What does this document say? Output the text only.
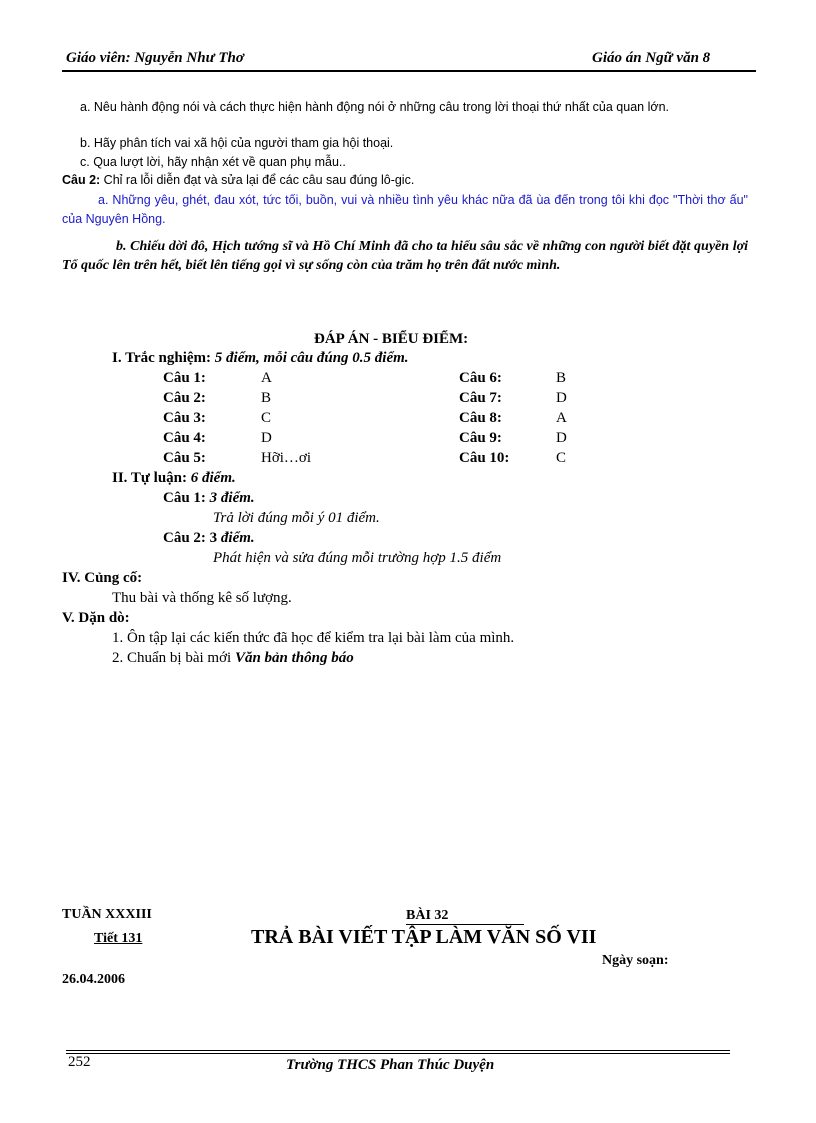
Giáo viên: Nguyễn Như Thơ	Giáo án Ngữ văn 8
a. Nêu hành động nói và cách thực hiện hành động nói ở những câu trong lời thoại thứ nhất của quan lớn.
b. Hãy phân tích vai xã hội của người tham gia hội thoại.
c. Qua lượt lời, hãy nhận xét về quan phụ mẫu..
Câu 2: Chỉ ra lỗi diễn đạt và sửa lại để các câu sau đúng lô-gic.
a. Những yêu, ghét, đau xót, tức tối, buồn, vui và nhiều tình yêu khác nữa đã ùa đến trong tôi khi đọc "Thời thơ ấu" của Nguyên Hồng.
b. Chiếu dời đô, Hịch tướng sĩ và Hồ Chí Minh đã cho ta hiểu sâu sắc về những con người biết đặt quyền lợi Tổ quốc lên trên hết, biết lên tiếng gọi vì sự sống còn của trăm họ trên đất nước mình.
ĐÁP ÁN - BIỂU ĐIỂM:
I. Trắc nghiệm: 5 điểm, mỗi câu đúng 0.5 điểm.
Câu 1:	A
Câu 2:	B
Câu 3:	C
Câu 4:	D
Câu 5:	Hỡi…ơi
Câu 6:	B
Câu 7:	D
Câu 8:	A
Câu 9:	D
Câu 10:	C
II. Tự luận: 6 điểm.
Câu 1: 3 điểm.
Trả lời đúng mỗi ý 01 điểm.
Câu 2: 3 điểm.
Phát hiện và sửa đúng mỗi trường hợp 1.5 điểm
IV. Củng cố:
Thu bài và thống kê số lượng.
V. Dặn dò:
1. Ôn tập lại các kiến thức đã học để kiểm tra lại bài làm của mình.
2. Chuẩn bị bài mới Văn bản thông báo
TUẦN XXXIII	BÀI 32
Tiết 131	TRẢ BÀI VIẾT TẬP LÀM VĂN SỐ VII
Ngày soạn:
26.04.2006
252	Trường THCS Phan Thúc Duyện
